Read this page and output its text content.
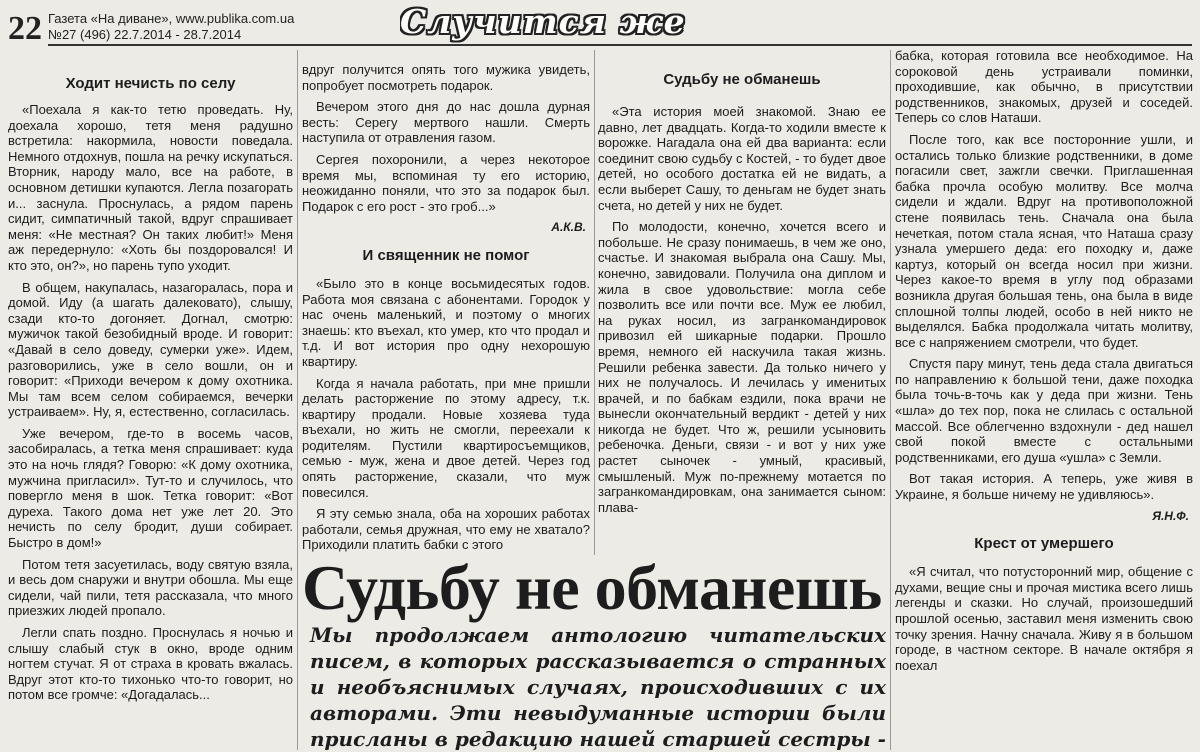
22 Газета «На диване», www.publika.com.ua
№27 (496) 22.7.2014 - 28.7.2014	Случится же
Ходит нечисть по селу

«Поехала я как-то тетю проведать. Ну, доехала хорошо, тетя меня радушно встретила: накормила, новости поведала. Немного отдохнув, пошла на речку искупаться. Вторник, народу мало, все на работе, в основном детишки купаются. Легла позагорать и... заснула. Проснулась, а рядом парень сидит, симпатичный такой, вдруг спрашивает меня: «Не местная? Он таких любит!» Меня аж передернуло: «Хоть бы поздоровался! И кто это, он?», но парень тупо уходит.

В общем, накупалась, назагоралась, пора и домой. Иду (а шагать далековато), слышу, сзади кто-то догоняет. Догнал, смотрю: мужичок такой безобидный вроде. И говорит: «Давай в село доведу, сумерки уже». Идем, разговорились, уже в село вошли, он и говорит: «Приходи вечером к дому охотника. Мы там всем селом собираемся, вечерки устраиваем». Ну, я, естественно, согласилась.

Уже вечером, где-то в восемь часов, засобиралась, а тетка меня спрашивает: куда это на ночь глядя? Говорю: «К дому охотника, мужчина пригласил». Тут-то и случилось, что повергло меня в шок. Тетка говорит: «Вот дуреха. Такого дома нет уже лет 20. Это нечисть по селу бродит, души собирает. Быстро в дом!»

Потом тетя засуетилась, воду святую взяла, и весь дом снаружи и внутри обошла. Мы еще сидели, чай пили, тетя рассказала, что много приезжих людей пропало.

Легли спать поздно. Проснулась я ночью и слышу слабый стук в окно, вроде одним ногтем стучат. Я от страха в кровать вжалась. Вдруг этот кто-то тихонько что-то говорит, но потом все громче: «Догадалась...

вдруг получится опять того мужика увидеть, попробует посмотреть подарок.

Вечером этого дня до нас дошла дурная весть: Серегу мертвого нашли. Смерть наступила от отравления газом.

Сергея похоронили, а через некоторое время мы, вспоминая ту его историю, неожиданно поняли, что это за подарок был. Подарок с его рост - это гроб...»

А.К.В.
И священник не помог

«Было это в конце восьмидесятых годов. Работа моя связана с абонентами. Городок у нас очень маленький, и поэтому о многих знаешь: кто въехал, кто умер, кто что продал и т.д. И вот история про одну нехорошую квартиру.

Когда я начала работать, при мне пришли делать расторжение по этому адресу, т.к. квартиру продали. Новые хозяева туда въехали, но жить не смогли, переехали к родителям. Пустили квартиросъемщиков, семью - муж, жена и двое детей. Через год опять расторжение, сказали, что муж повесился.

Я эту семью знала, оба на хороших работах работали, семья дружная, что ему не хватало? Приходили платить бабки с этого

Судьбу не обманешь

«Эта история моей знакомой. Знаю ее давно, лет двадцать. Когда-то ходили вместе к ворожке. Нагадала она ей два варианта: если соединит свою судьбу с Костей, - то будет двое детей, но особого достатка ей не видать, а если выберет Сашу, то деньгам не будет знать счета, но детей у них не будет.

По молодости, конечно, хочется всего и побольше. Не сразу понимаешь, в чем же оно, счастье. И знакомая выбрала она Сашу. Мы, конечно, завидовали. Получила она диплом и жила в свое удовольствие: могла себе позволить все или почти все. Муж ее любил, на руках носил, из загранкомандировок привозил ей шикарные подарки. Прошло время, немного ей наскучила такая жизнь. Решили ребенка завести. Да только ничего у них не получалось. И лечилась у именитых врачей, и по бабкам ездили, пока врачи не вынесли окончательный вердикт - детей у них никогда не будет. Что ж, решили усыновить ребеночка. Деньги, связи - и вот у них уже растет сыночек - умный, красивый, смышленый. Муж по-прежнему мотается по загранкомандировкам, она занимается сыном: плава-

бабка, которая готовила все необходимое. На сороковой день устраивали поминки, проходившие, как обычно, в присутствии родственников, знакомых, друзей и соседей. Теперь со слов Наташи.

После того, как все посторонние ушли, и остались только близкие родственники, в доме погасили свет, зажгли свечки. Приглашенная бабка прочла особую молитву. Все молча сидели и ждали. Вдруг на противоположной стене появилась тень. Сначала она была нечеткая, потом стала ясная, что Наташа сразу узнала умершего деда: его походку и, даже картуз, который он всегда носил при жизни. Через какое-то время в углу под образами возникла другая большая тень, она была в виде сплошной толпы людей, особо в ней никто не выделялся. Бабка продолжала читать молитву, все с напряжением смотрели, что будет.

Спустя пару минут, тень деда стала двигаться по направлению к большой тени, даже походка была точь-в-точь как у деда при жизни. Тень «шла» до тех пор, пока не слилась с остальной массой. Все облегченно вздохнули - дед нашел свой покой вместе с остальными родственниками, его душа «ушла» с Земли.

Вот такая история. А теперь, уже живя в Украине, я больше ничему не удивляюсь».

Я.Н.Ф.
Крест от умершего

«Я считал, что потусторонний мир, общение с духами, вещие сны и прочая мистика всего лишь легенды и сказки. Но случай, произошедший прошлой осенью, заставил меня изменить свою точку зрения. Начну сначала. Живу я в большом городе, в частном секторе. В начале октября я поехал

Судьбу не обманешь

Мы продолжаем антологию читательских писем, в которых рассказывается о странных и необъяснимых случаях, происходивших с их авторами. Эти невыдуманные истории были присланы в редакцию нашей старшей сестры -
